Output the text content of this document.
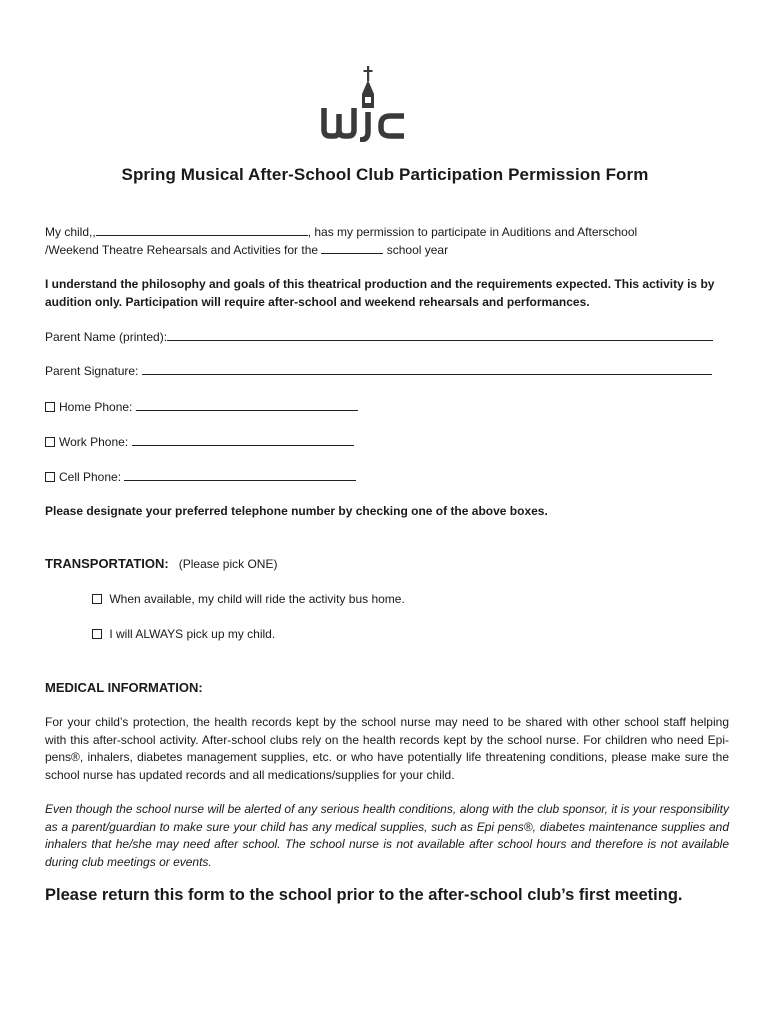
Spring Musical After-School Club Participation Permission Form
My child,,	, has my permission to participate in Auditions and Afterschool
/Weekend Theatre Rehearsals and Activities for the	school year
I understand the philosophy and goals of this theatrical production and the requirements expected. This activity is by audition only. Participation will require after-school and weekend rehearsals and performances.
Parent Name (printed):
Parent Signature:
Home Phone:
Work Phone:
Cell Phone:
Please designate your preferred telephone number by checking one of the above boxes.
TRANSPORTATION: (Please pick ONE)
When available, my child will ride the activity bus home.
I will ALWAYS pick up my child.
MEDICAL INFORMATION:
For your child’s protection, the health records kept by the school nurse may need to be shared with other school staff helping with this after-school activity. After-school clubs rely on the health records kept by the school nurse. For children who need Epi-pens®, inhalers, diabetes management supplies, etc. or who have potentially life threatening conditions, please make sure the school nurse has updated records and all medications/supplies for your child.
Even though the school nurse will be alerted of any serious health conditions, along with the club sponsor, it is your responsibility as a parent/guardian to make sure your child has any medical supplies, such as Epi pens®, diabetes maintenance supplies and inhalers that he/she may need after school. The school nurse is not available after school hours and therefore is not available during club meetings or events.
Please return this form to the school prior to the after-school club’s first meeting.
